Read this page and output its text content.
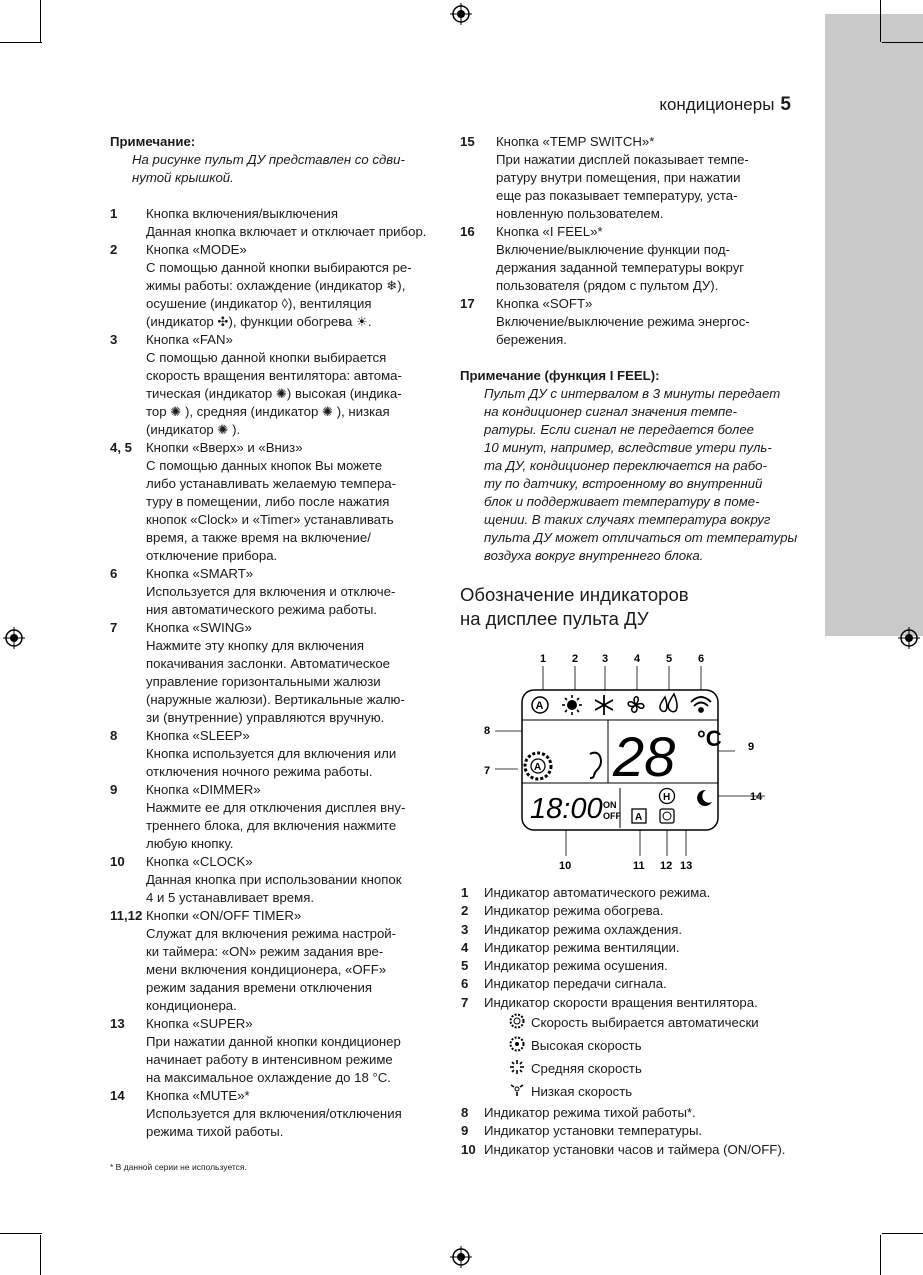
кондиционеры 5
Примечание:
На рисунке пульт ДУ представлен со сдви-
нутой крышкой.
1	Кнопка включения/выключения
Данная кнопка включает и отключает прибор.
2	Кнопка «MODE»
С помощью данной кнопки выбираются ре-
жимы работы: охлаждение (индикатор ❄),
осушение (индикатор ◊), вентиляция
(индикатор ✣), функции обогрева ☀.
3	Кнопка «FAN»
С помощью данной кнопки выбирается
скорость вращения вентилятора: автома-
тическая (индикатор ✺) высокая (индика-
тор ✺ ), средняя (индикатор ✺ ), низкая
(индикатор ✺ ).
4, 5	Кнопки «Вверх» и «Вниз»
С помощью данных кнопок Вы можете
либо устанавливать желаемую темпера-
туру в помещении, либо после нажатия
кнопок «Clock» и «Timer» устанавливать
время, а также время на включение/
отключение прибора.
6	Кнопка «SMART»
Используется для включения и отключе-
ния автоматического режима работы.
7	Кнопка «SWING»
Нажмите эту кнопку для включения
покачивания заслонки. Автоматическое
управление горизонтальными жалюзи
(наружные жалюзи). Вертикальные жалю-
зи (внутренние) управляются вручную.
8	Кнопка «SLEEP»
Кнопка используется для включения или
отключения ночного режима работы.
9	Кнопка «DIMMER»
Нажмите ее для отключения дисплея вну-
треннего блока, для включения нажмите
любую кнопку.
10	Кнопка «CLOCK»
Данная кнопка при использовании кнопок
4 и 5 устанавливает время.
11,12 Кнопки «ON/OFF TIMER»
Служат для включения режима настрой-
ки таймера: «ON» режим задания вре-
мени включения кондиционера, «OFF»
режим задания времени отключения
кондиционера.
13	Кнопка «SUPER»
При нажатии данной кнопки кондиционер
начинает работу в интенсивном режиме
на максимальное охлаждение до 18 °C.
14	Кнопка «MUTE»*
Используется для включения/отключения
режима тихой работы.
* В данной серии не используется.
15	Кнопка «TEMP SWITCH»*
При нажатии дисплей показывает темпе-
ратуру внутри помещения, при нажатии
еще раз показывает температуру, уста-
новленную пользователем.
16	Кнопка «I FEEL»*
Включение/выключение функции под-
держания заданной температуры вокруг
пользователя (рядом с пультом ДУ).
17	Кнопка «SOFT»
Включение/выключение режима энергос-
бережения.
Примечание (функция I FEEL):
Пульт ДУ с интервалом в 3 минуты передает
на кондиционер сигнал значения темпе-
ратуры. Если сигнал не передается более
10 минут, например, вследствие утери пуль-
та ДУ, кондиционер переключается на рабо-
ту по датчику, встроенному во внутренний
блок и поддерживает температуру в поме-
щении. В таких случаях температура вокруг
пульта ДУ может отличаться от температуры
воздуха вокруг внутреннего блока.
Обозначение индикаторов
на дисплее пульта ДУ
1 2 3 4 5 6
8
7
9
14
10	11 12 13
A
A 28 °C
18:00 ON
OFF A
H
1	Индикатор автоматического режима.
2	Индикатор режима обогрева.
3	Индикатор режима охлаждения.
4	Индикатор режима вентиляции.
5	Индикатор режима осушения.
6	Индикатор передачи сигнала.
7	Индикатор скорости вращения вентилятора.
Скорость выбирается автоматически
Высокая скорость
Средняя скорость
Низкая скорость
8	Индикатор режима тихой работы*.
9	Индикатор установки температуры.
10 Индикатор установки часов и таймера (ON/OFF).
